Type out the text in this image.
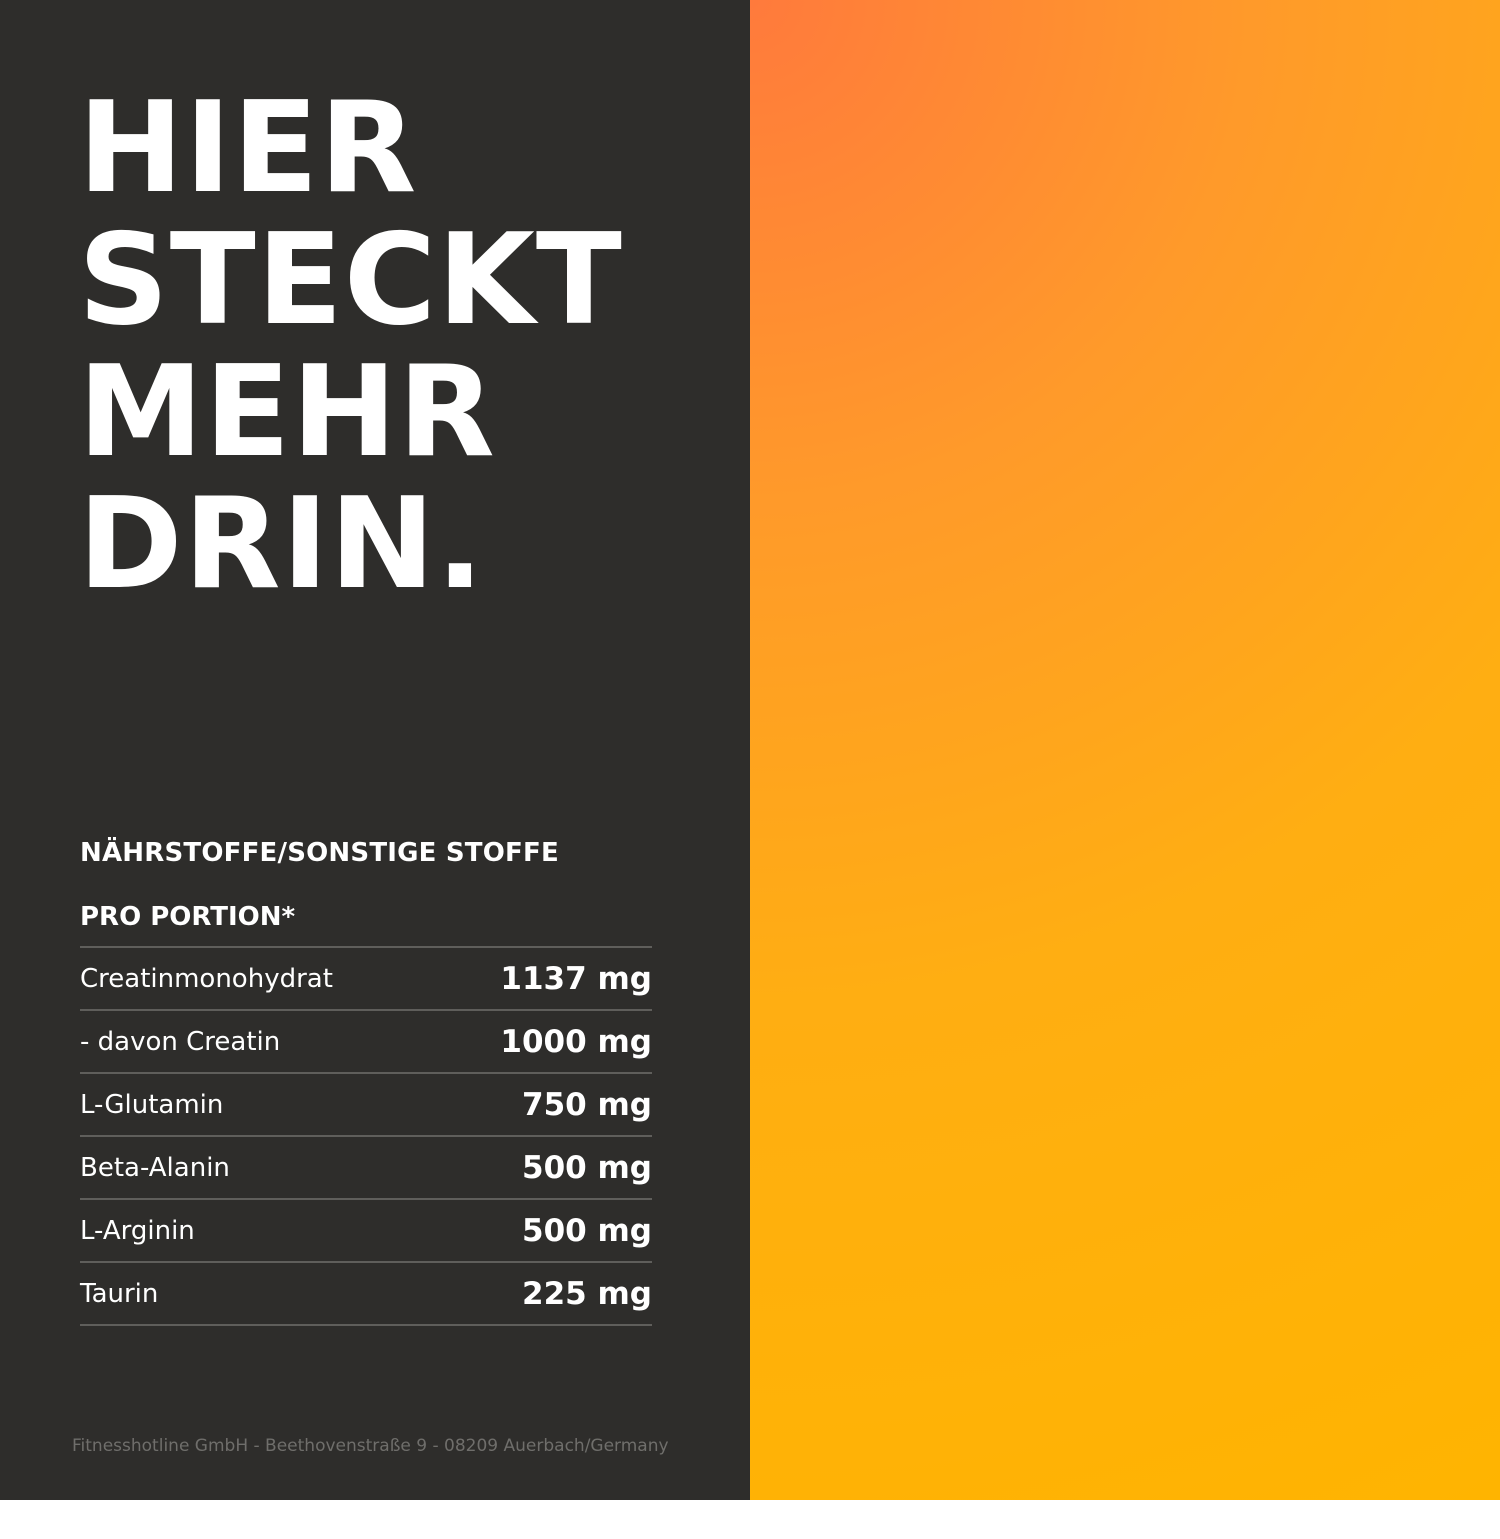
HIER
STECKT
MEHR
DRIN.
NÄHRSTOFFE/SONSTIGE STOFFE
PRO PORTION*
Creatinmonohydrat	1137 mg
- davon Creatin	1000 mg
L-Glutamin	750 mg
Beta-Alanin	500 mg
L-Arginin	500 mg
Taurin	225 mg
Fitnesshotline GmbH - Beethovenstraße 9 - 08209 Auerbach/Germany
